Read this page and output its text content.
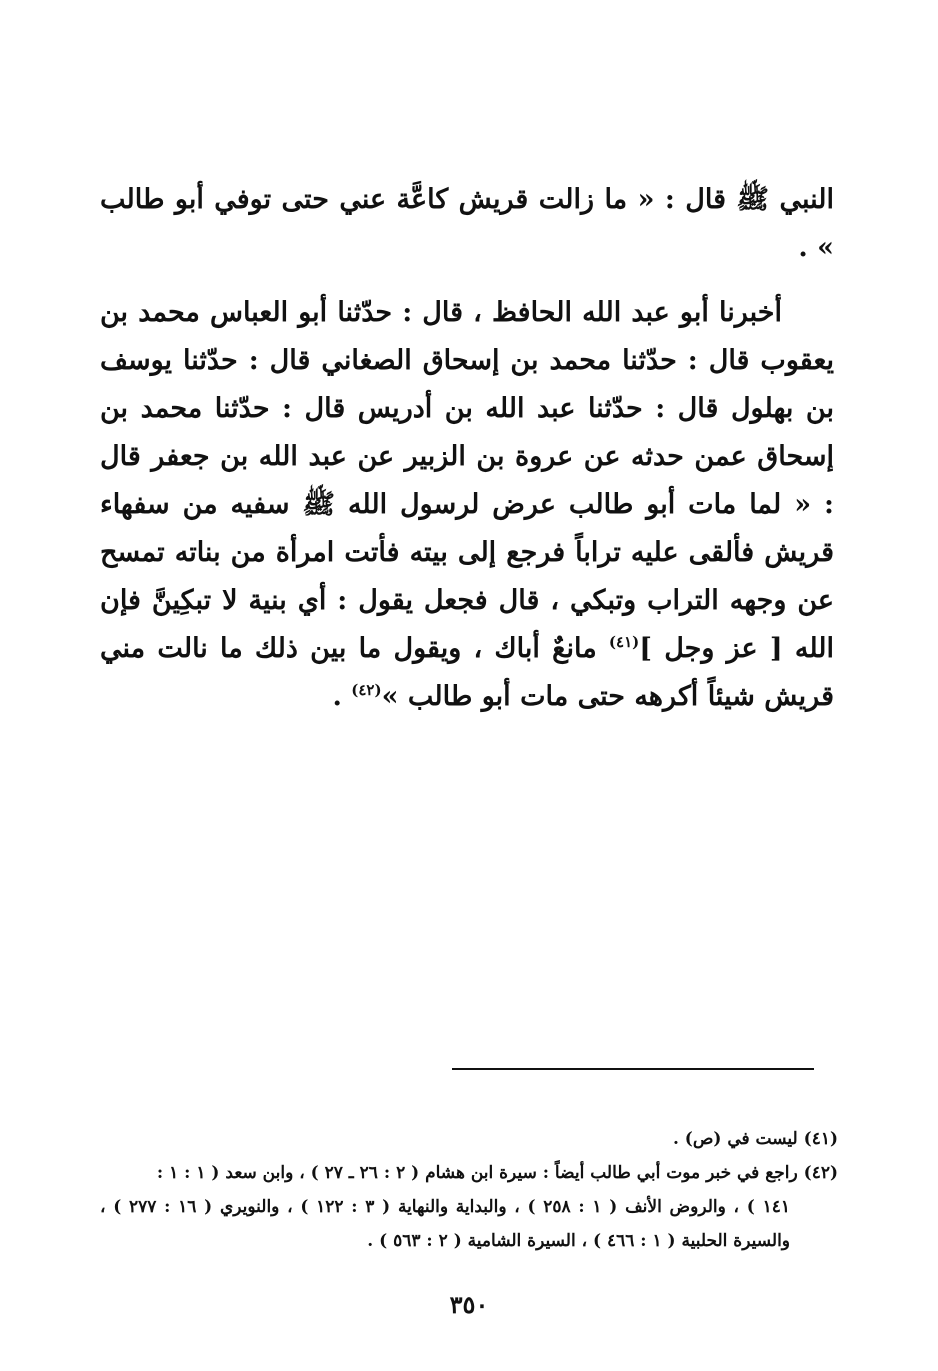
النبي ﷺ قال : « ما زالت قريش كاعَّة عني حتى توفي أبو طالب » .

أخبرنا أبو عبد الله الحافظ ، قال : حدّثنا أبو العباس محمد بن يعقوب قال : حدّثنا محمد بن إسحاق الصغاني قال : حدّثنا يوسف بن بهلول قال : حدّثنا عبد الله بن أدريس قال : حدّثنا محمد بن إسحاق عمن حدثه عن عروة بن الزبير عن عبد الله بن جعفر قال : « لما مات أبو طالب عرض لرسول الله ﷺ سفيه من سفهاء قريش فألقى عليه تراباً فرجع إلى بيته فأتت امرأة من بناته تمسح عن وجهه التراب وتبكي ، قال فجعل يقول : أي بنية لا تبكِينَّ فإن الله [ عز وجل ]$^{(٤١)}$ مانعٌ أباك ، ويقول ما بين ذلك ما نالت مني قريش شيئاً أكرهه حتى مات أبو طالب »$^{(٤٢)}$ .

(٤١) ليست في (ص) .

(٤٢) راجع في خبر موت أبي طالب أيضاً : سيرة ابن هشام ( ٢ : ٢٦ ـ ٢٧ ) ، وابن سعد ( ١ : ١ :

١٤١ ) ، والروض الأنف ( ١ : ٢٥٨ ) ، والبداية والنهاية ( ٣ : ١٢٢ ) ، والنويري ( ١٦ : ٢٧٧ ) ، والسيرة الحلبية ( ١ : ٤٦٦ ) ، السيرة الشامية ( ٢ : ٥٦٣ ) .

٣٥٠
